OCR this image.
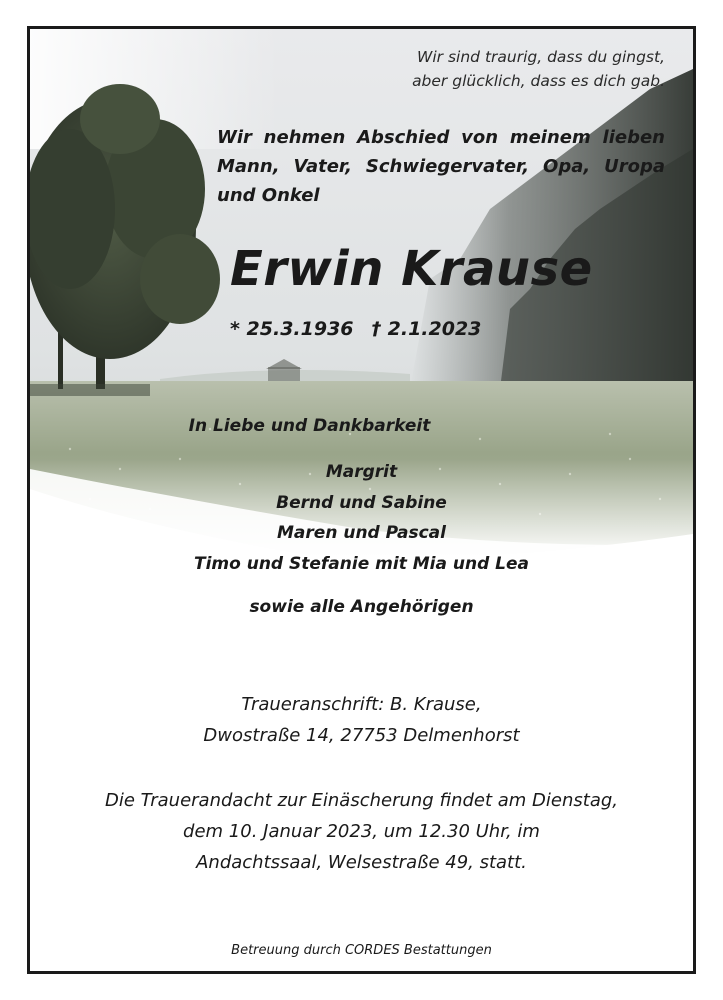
Wir sind traurig, dass du gingst,
aber glücklich, dass es dich gab.

Wir nehmen Abschied von meinem lieben Mann, Vater, Schwiegervater, Opa, Uropa und Onkel

Erwin Krause
* 25.3.1936 † 2.1.2023
In Liebe und Dankbarkeit
Margrit
Bernd und Sabine
Maren und Pascal
Timo und Stefanie mit Mia und Lea
sowie alle Angehörigen
Traueranschrift: B. Krause,
Dwostraße 14, 27753 Delmenhorst
Die Trauerandacht zur Einäscherung findet am Dienstag,
dem 10. Januar 2023, um 12.30 Uhr, im
Andachtssaal, Welsestraße 49, statt.
Betreuung durch CORDES Bestattungen
